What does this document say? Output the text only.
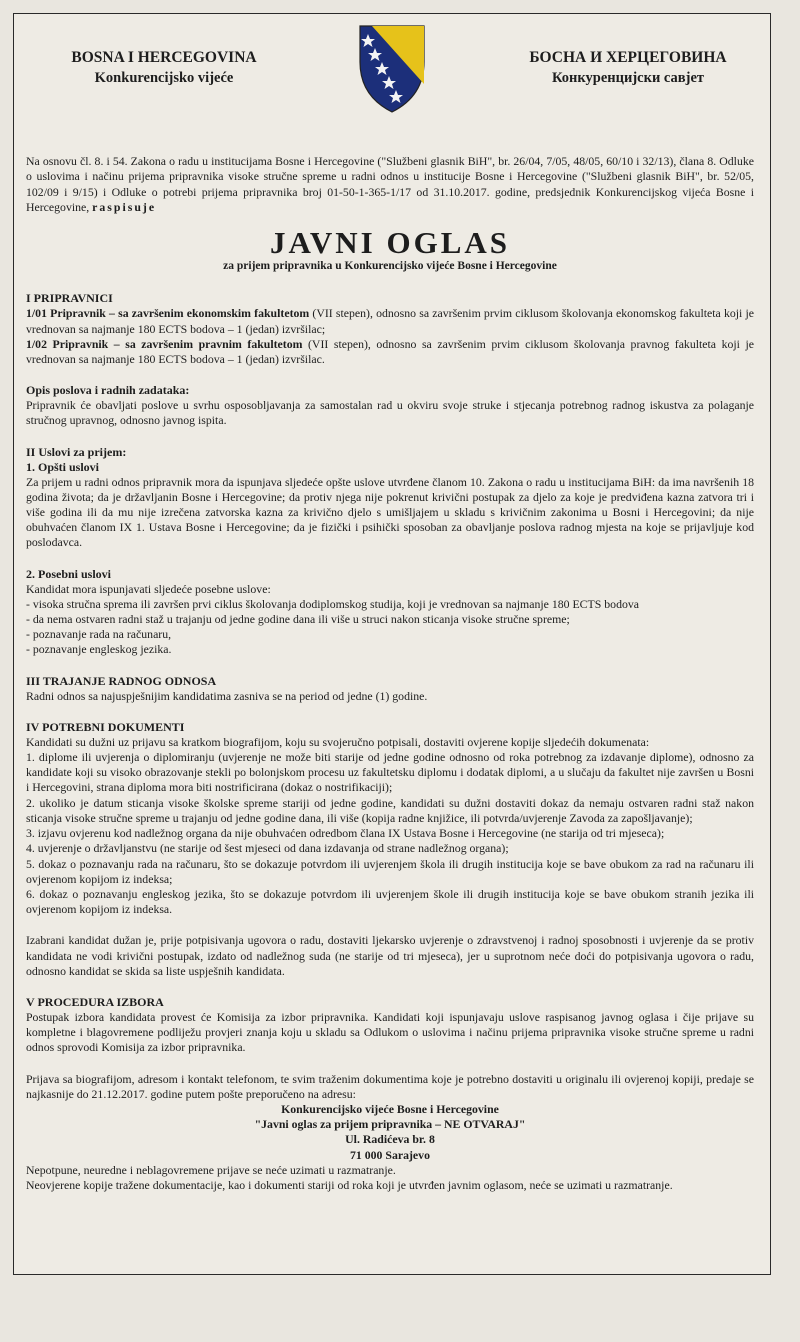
BOSNA I HERCEGOVINA
Konkurencijsko vijeće
БОСНА И ХЕРЦЕГОВИНА
Конкуренцијски савјет

Na osnovu čl. 8. i 54. Zakona o radu u institucijama Bosne i Hercegovine ("Službeni glasnik BiH", br. 26/04, 7/05, 48/05, 60/10 i 32/13), člana 8. Odluke o uslovima i načinu prijema pripravnika visoke stručne spreme u radni odnos u institucije Bosne i Hercegovine ("Službeni glasnik BiH", br. 52/05, 102/09 i 9/15) i Odluke o potrebi prijema pripravnika broj 01-50-1-365-1/17 od 31.10.2017. godine, predsjednik Konkurencijskog vijeća Bosne i Hercegovine, raspisuje

JAVNI OGLAS
za prijem pripravnika u Konkurencijsko vijeće Bosne i Hercegovine
I PRIPRAVNICI

1/01 Pripravnik – sa završenim ekonomskim fakultetom (VII stepen), odnosno sa završenim prvim ciklusom školovanja ekonomskog fakulteta koji je vrednovan sa najmanje 180 ECTS bodova – 1 (jedan) izvršilac;

1/02 Pripravnik – sa završenim pravnim fakultetom (VII stepen), odnosno sa završenim prvim ciklusom školovanja pravnog fakulteta koji je vrednovan sa najmanje 180 ECTS bodova – 1 (jedan) izvršilac.

Opis poslova i radnih zadataka:

Pripravnik će obavljati poslove u svrhu osposobljavanja za samostalan rad u okviru svoje struke i stjecanja potrebnog radnog iskustva za polaganje stručnog upravnog, odnosno javnog ispita.

II Uslovi za prijem:
1. Opšti uslovi

Za prijem u radni odnos pripravnik mora da ispunjava sljedeće opšte uslove utvrđene članom 10. Zakona o radu u institucijama BiH: da ima navršenih 18 godina života; da je državljanin Bosne i Hercegovine; da protiv njega nije pokrenut krivični postupak za djelo za koje je predviđena kazna zatvora tri i više godina ili da mu nije izrečena zatvorska kazna za krivično djelo s umišljajem u skladu s krivičnim zakonima u Bosni i Hercegovini; da nije obuhvaćen članom IX 1. Ustava Bosne i Hercegovine; da je fizički i psihički sposoban za obavljanje poslova radnog mjesta na koje se prijavljuje kod poslodavca.

2. Posebni uslovi
Kandidat mora ispunjavati sljedeće posebne uslove:
- visoka stručna sprema ili završen prvi ciklus školovanja dodiplomskog studija, koji je vrednovan sa najmanje 180 ECTS bodova
- da nema ostvaren radni staž u trajanju od jedne godine dana ili više u struci nakon sticanja visoke stručne spreme;
- poznavanje rada na računaru,
- poznavanje engleskog jezika.
III TRAJANJE RADNOG ODNOSA

Radni odnos sa najuspješnijim kandidatima zasniva se na period od jedne (1) godine.

IV POTREBNI DOKUMENTI

Kandidati su dužni uz prijavu sa kratkom biografijom, koju su svojeručno potpisali, dostaviti ovjerene kopije sljedećih dokumenata:

1. diplome ili uvjerenja o diplomiranju (uvjerenje ne može biti starije od jedne godine odnosno od roka potrebnog za izdavanje diplome), odnosno za kandidate koji su visoko obrazovanje stekli po bolonjskom procesu uz fakultetsku diplomu i dodatak diplomi, a u slučaju da fakultet nije završen u Bosni i Hercegovini, strana diploma mora biti nostrificirana (dokaz o nostrifikaciji);

2. ukoliko je datum sticanja visoke školske spreme stariji od jedne godine, kandidati su dužni dostaviti dokaz da nemaju ostvaren radni staž nakon sticanja visoke stručne spreme u trajanju od jedne godine dana, ili više (kopija radne knjižice, ili potvrda/uvjerenje Zavoda za zapošljavanje);

3. izjavu ovjerenu kod nadležnog organa da nije obuhvaćen odredbom člana IX Ustava Bosne i Hercegovine (ne starija od tri mjeseca);

4. uvjerenje o državljanstvu (ne starije od šest mjeseci od dana izdavanja od strane nadležnog organa);

5. dokaz o poznavanju rada na računaru, što se dokazuje potvrdom ili uvjerenjem škola ili drugih institucija koje se bave obukom za rad na računaru ili ovjerenom kopijom iz indeksa;

6. dokaz o poznavanju engleskog jezika, što se dokazuje potvrdom ili uvjerenjem škole ili drugih institucija koje se bave obukom stranih jezika ili ovjerenom kopijom iz indeksa.

Izabrani kandidat dužan je, prije potpisivanja ugovora o radu, dostaviti ljekarsko uvjerenje o zdravstvenoj i radnoj sposobnosti i uvjerenje da se protiv kandidata ne vodi krivični postupak, izdato od nadležnog suda (ne starije od tri mjeseca), jer u suprotnom neće doći do potpisivanja ugovora o radu, odnosno kandidat se skida sa liste uspješnih kandidata.

V PROCEDURA IZBORA

Postupak izbora kandidata provest će Komisija za izbor pripravnika. Kandidati koji ispunjavaju uslove raspisanog javnog oglasa i čije prijave su kompletne i blagovremene podliježu provjeri znanja koju u skladu sa Odlukom o uslovima i načinu prijema pripravnika visoke stručne spreme u radni odnos sprovodi Komisija za izbor pripravnika.

Prijava sa biografijom, adresom i kontakt telefonom, te svim traženim dokumentima koje je potrebno dostaviti u originalu ili ovjerenoj kopiji, predaje se najkasnije do 21.12.2017. godine putem pošte preporučeno na adresu:

Konkurencijsko vijeće Bosne i Hercegovine
"Javni oglas za prijem pripravnika – NE OTVARAJ"
Ul. Radićeva br. 8
71 000 Sarajevo
Nepotpune, neuredne i neblagovremene prijave se neće uzimati u razmatranje.
Neovjerene kopije tražene dokumentacije, kao i dokumenti stariji od roka koji je utvrđen javnim oglasom, neće se uzimati u razmatranje.
